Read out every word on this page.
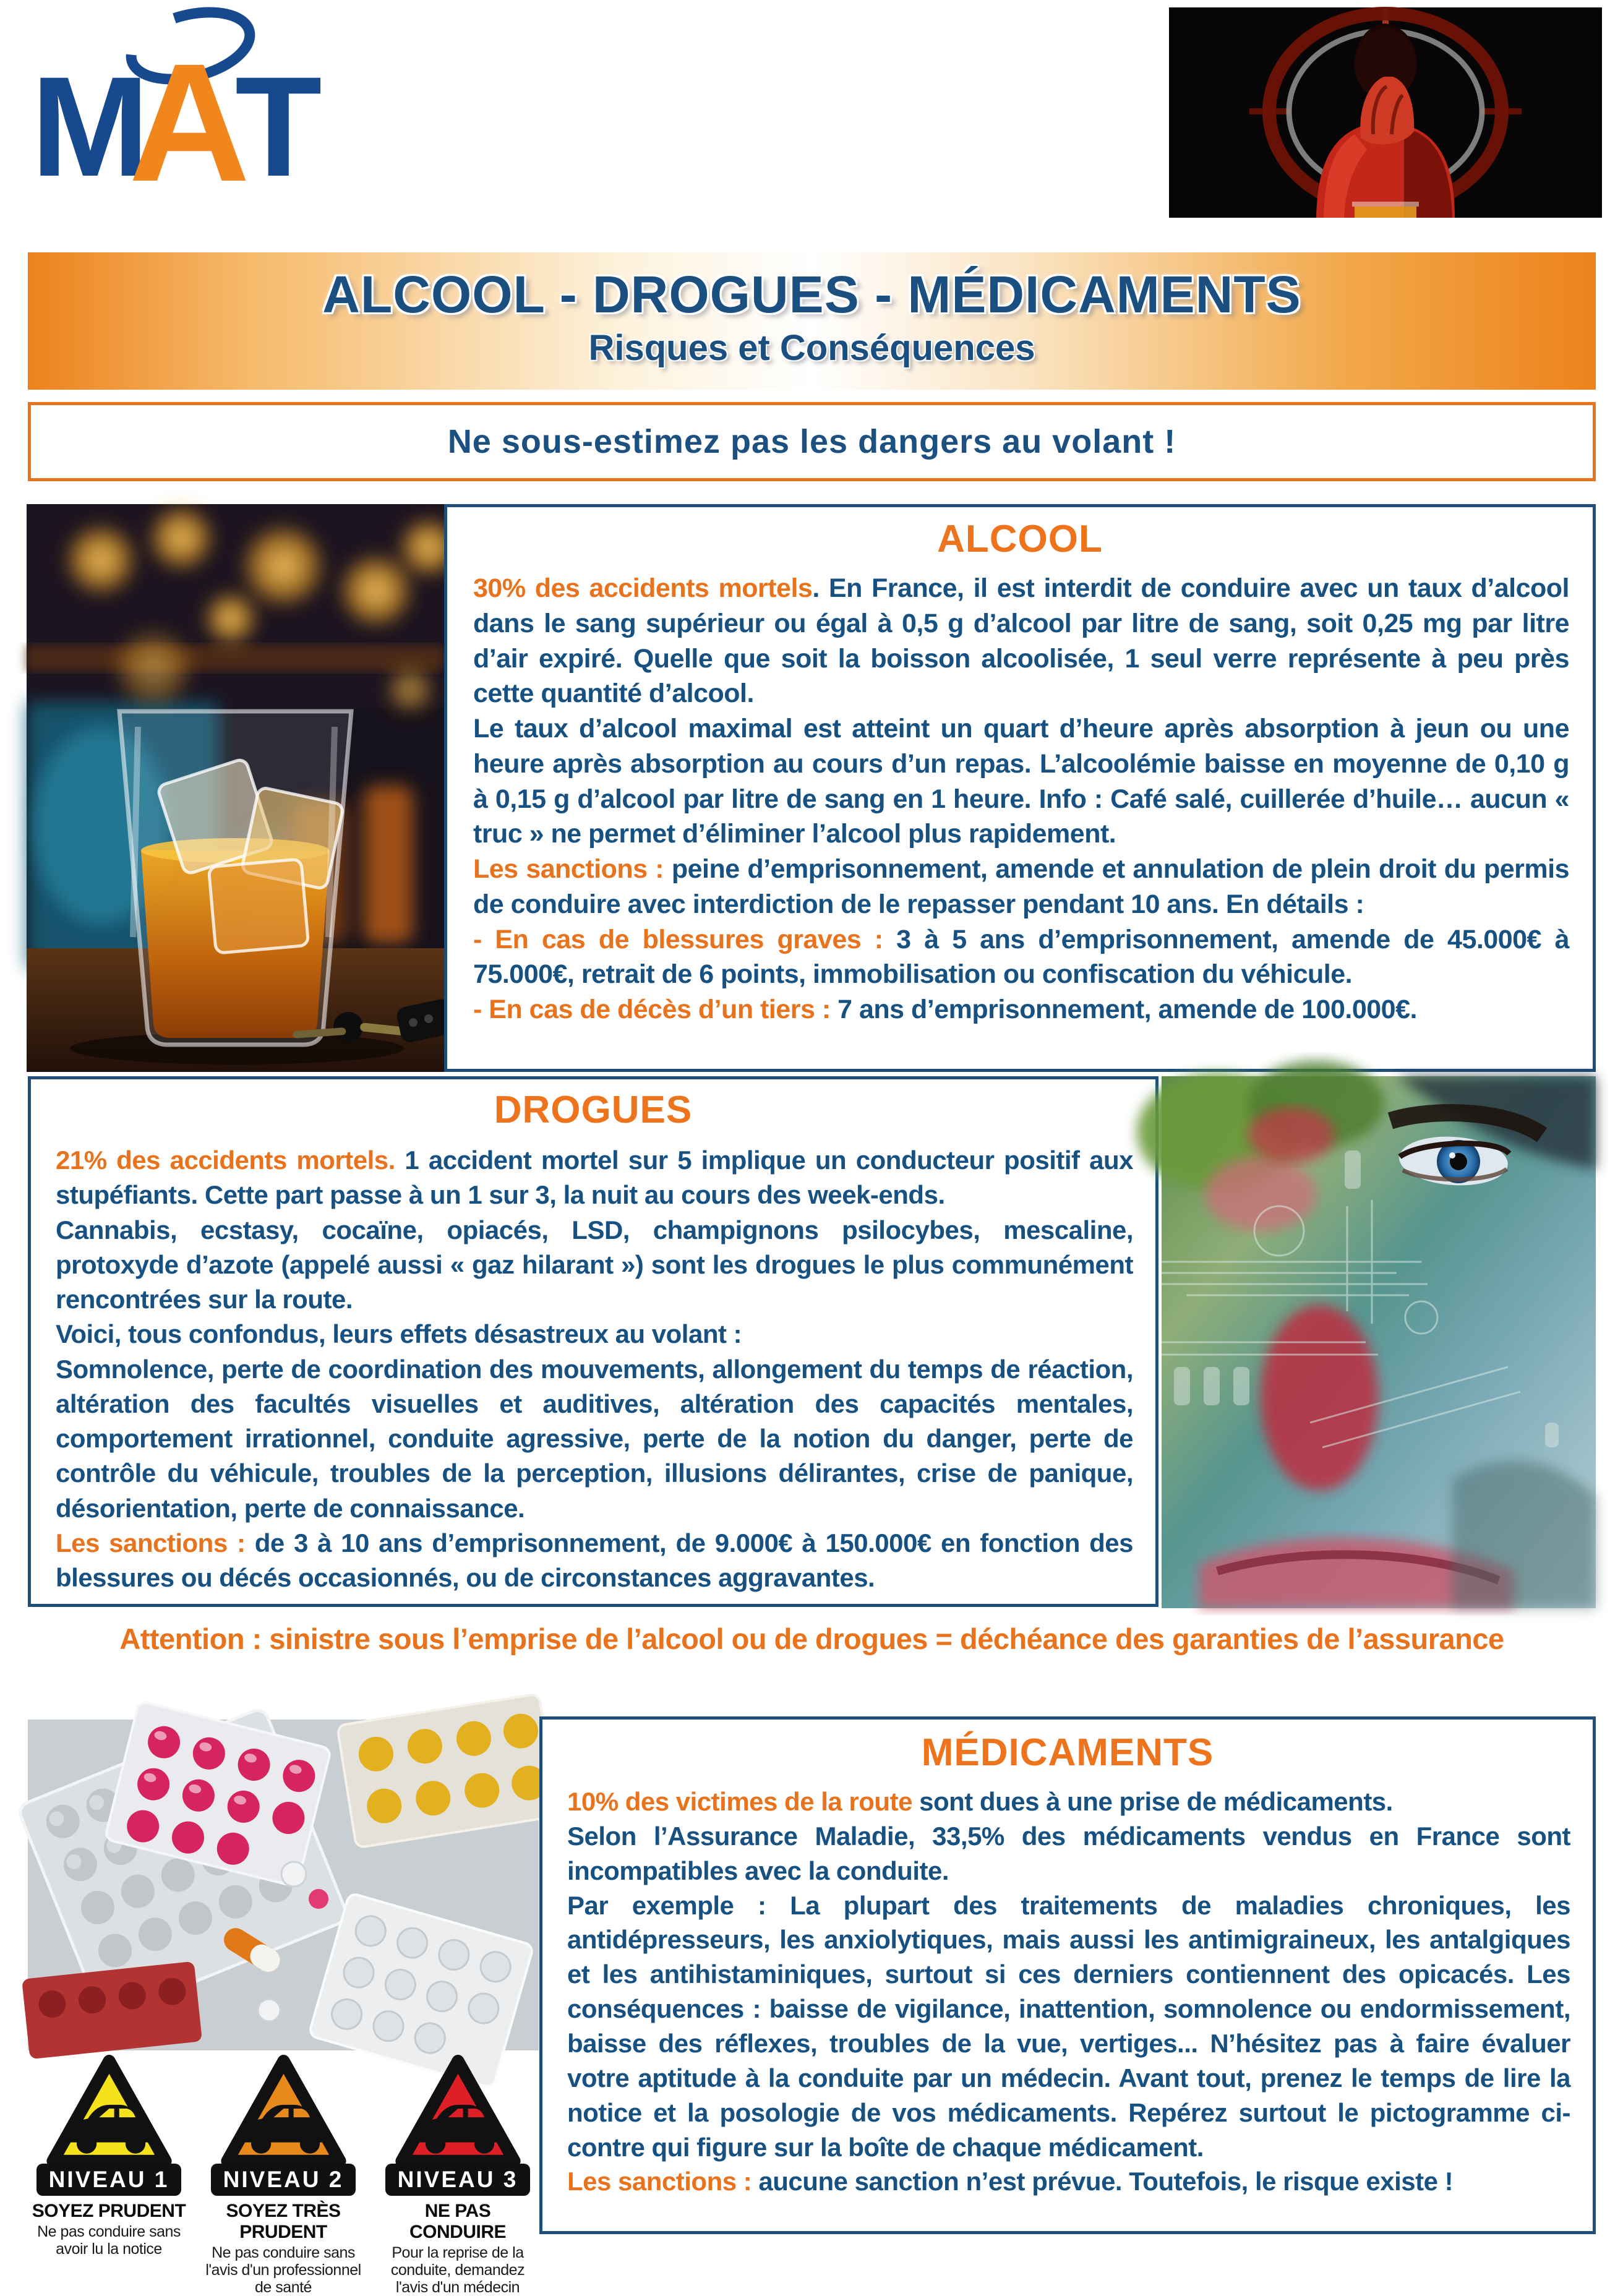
M T
A
ALCOOL - DROGUES - MÉDICAMENTS
Risques et Conséquences
Ne sous-estimez pas les dangers au volant !
ALCOOL

30% des accidents mortels. En France, il est interdit de conduire avec un taux d’alcool dans le sang supérieur ou égal à 0,5 g d’alcool par litre de sang, soit 0,25 mg par litre d’air expiré. Quelle que soit la boisson alcoolisée, 1 seul verre représente à peu près cette quantité d’alcool.

Le taux d’alcool maximal est atteint un quart d’heure après absorption à jeun ou une heure après absorption au cours d’un repas. L’alcoolémie baisse en moyenne de 0,10 g à 0,15 g d’alcool par litre de sang en 1 heure. Info : Café salé, cuillerée d’huile… aucun « truc » ne permet d’éliminer l’alcool plus rapidement.

Les sanctions : peine d’emprisonnement, amende et annulation de plein droit du permis de conduire avec interdiction de le repasser pendant 10 ans. En détails :

- En cas de blessures graves : 3 à 5 ans d’emprisonnement, amende de 45.000€ à 75.000€, retrait de 6 points, immobilisation ou confiscation du véhicule.

- En cas de décès d’un tiers : 7 ans d’emprisonnement, amende de 100.000€.

DROGUES

21% des accidents mortels. 1 accident mortel sur 5 implique un conducteur positif aux stupéfiants. Cette part passe à un 1 sur 3, la nuit au cours des week-ends.

Cannabis, ecstasy, cocaïne, opiacés, LSD, champignons psilocybes, mescaline, protoxyde d’azote (appelé aussi « gaz hilarant ») sont les drogues le plus communément rencontrées sur la route.

Voici, tous confondus, leurs effets désastreux au volant :

Somnolence, perte de coordination des mouvements, allongement du temps de réaction, altération des facultés visuelles et auditives, altération des capacités mentales, comportement irrationnel, conduite agressive, perte de la notion du danger, perte de contrôle du véhicule, troubles de la perception, illusions délirantes, crise de panique, désorientation, perte de connaissance.

Les sanctions : de 3 à 10 ans d’emprisonnement, de 9.000€ à 150.000€ en fonction des blessures ou décés occasionnés, ou de circonstances aggravantes.

Attention : sinistre sous l’emprise de l’alcool ou de drogues = déchéance des garanties de l’assurance
MÉDICAMENTS

10% des victimes de la route sont dues à une prise de médicaments.

Selon l’Assurance Maladie, 33,5% des médicaments vendus en France sont incompatibles avec la conduite.

Par exemple : La plupart des traitements de maladies chroniques, les antidépresseurs, les anxiolytiques, mais aussi les antimigraineux, les antalgiques et les antihistaminiques, surtout si ces derniers contiennent des opicacés. Les conséquences : baisse de vigilance, inattention, somnolence ou endormissement, baisse des réflexes, troubles de la vue, vertiges... N’hésitez pas à faire évaluer votre aptitude à la conduite par un médecin. Avant tout, prenez le temps de lire la notice et la posologie de vos médicaments. Repérez surtout le pictogramme ci-contre qui figure sur la boîte de chaque médicament.

Les sanctions : aucune sanction n’est prévue. Toutefois, le risque existe !

NIVEAU 1
SOYEZ PRUDENT
Ne pas conduire sans avoir lu la notice
NIVEAU 2
SOYEZ TRÈS PRUDENT
Ne pas conduire sans l'avis d'un professionnel de santé
NIVEAU 3
NE PAS CONDUIRE
Pour la reprise de la conduite, demandez l'avis d'un médecin
